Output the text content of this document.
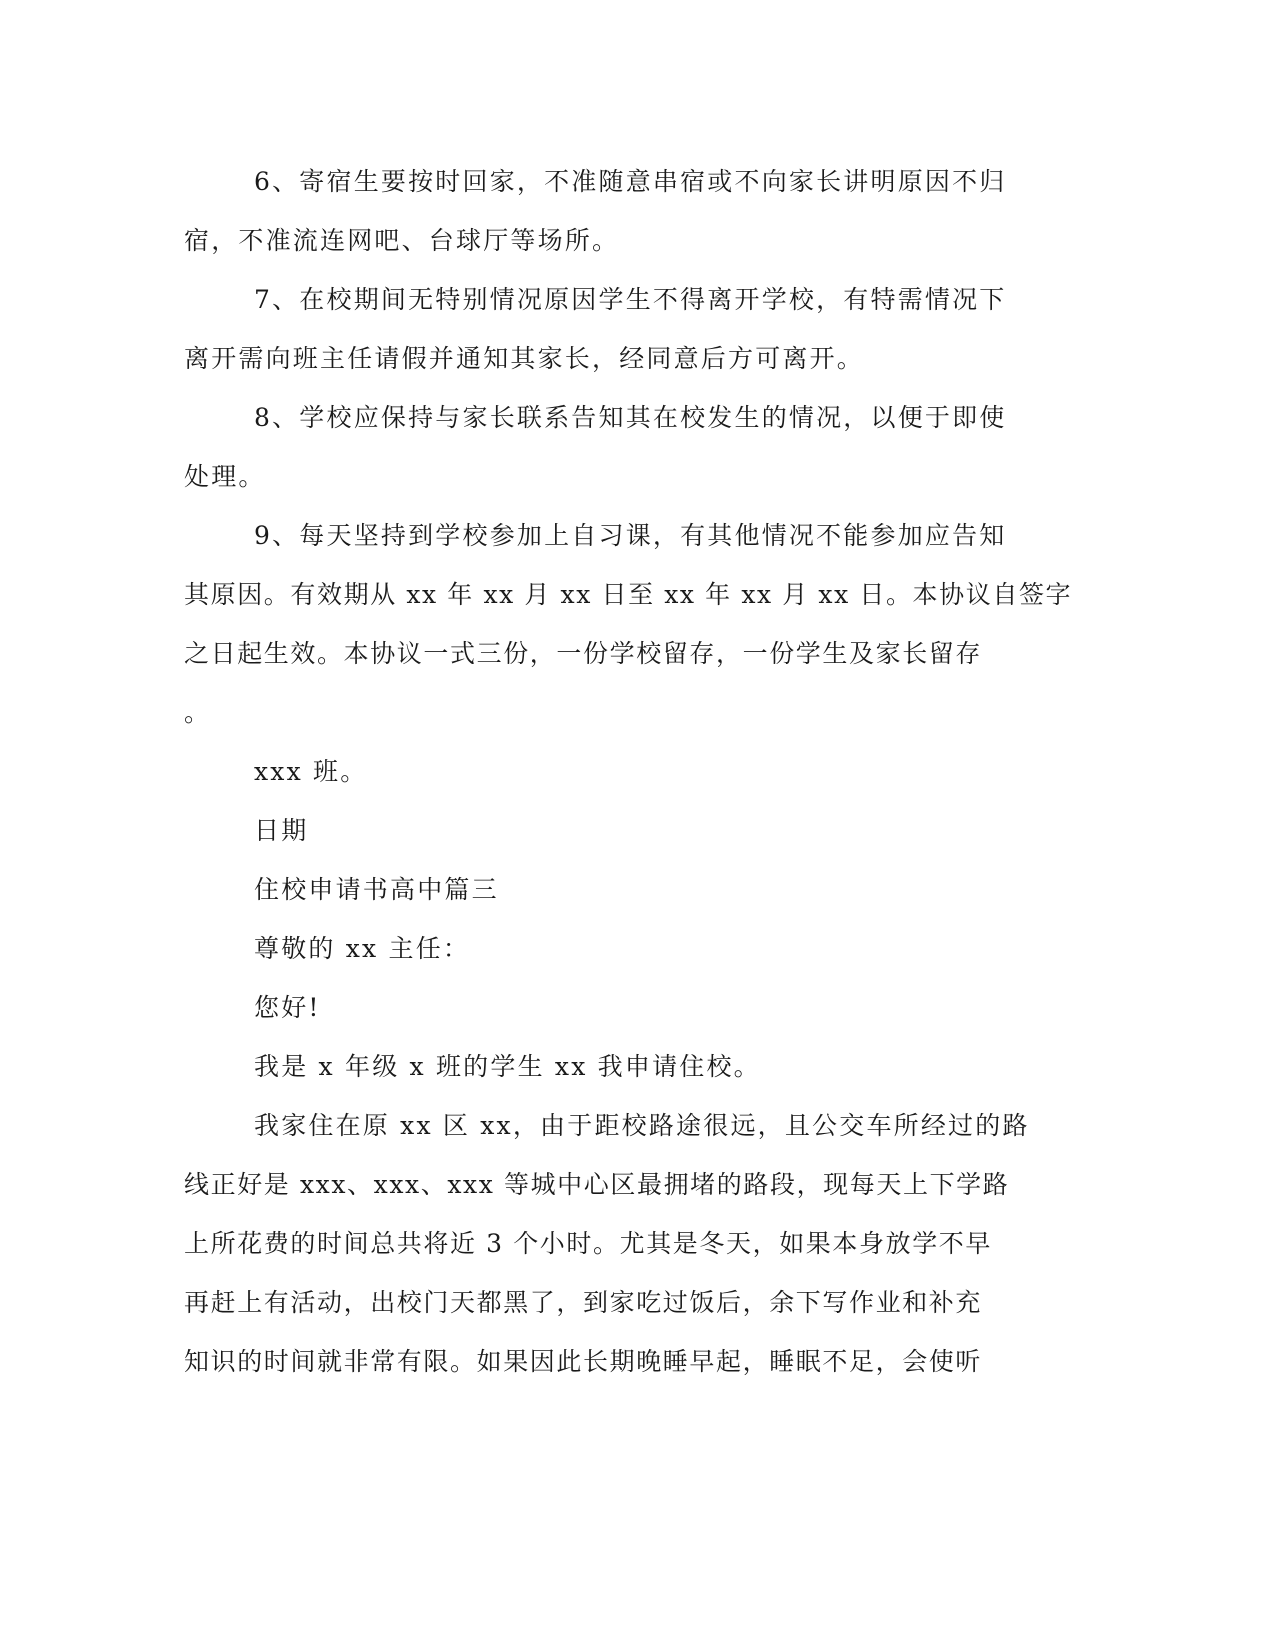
6、寄宿生要按时回家，不准随意串宿或不向家长讲明原因不归
宿，不准流连网吧、台球厅等场所。
7、在校期间无特别情况原因学生不得离开学校，有特需情况下
离开需向班主任请假并通知其家长，经同意后方可离开。
8、学校应保持与家长联系告知其在校发生的情况，以便于即使
处理。
9、每天坚持到学校参加上自习课，有其他情况不能参加应告知
其原因。有效期从 xx 年 xx 月 xx 日至 xx 年 xx 月 xx 日。本协议自签字
之日起生效。本协议一式三份，一份学校留存，一份学生及家长留存
。
xxx 班。
日期
住校申请书高中篇三
尊敬的 xx 主任：
您好!
我是 x 年级 x 班的学生 xx 我申请住校。
我家住在原 xx 区 xx，由于距校路途很远，且公交车所经过的路
线正好是 xxx、xxx、xxx 等城中心区最拥堵的路段，现每天上下学路
上所花费的时间总共将近 3 个小时。尤其是冬天，如果本身放学不早
再赶上有活动，出校门天都黑了，到家吃过饭后，余下写作业和补充
知识的时间就非常有限。如果因此长期晚睡早起，睡眠不足，会使听
